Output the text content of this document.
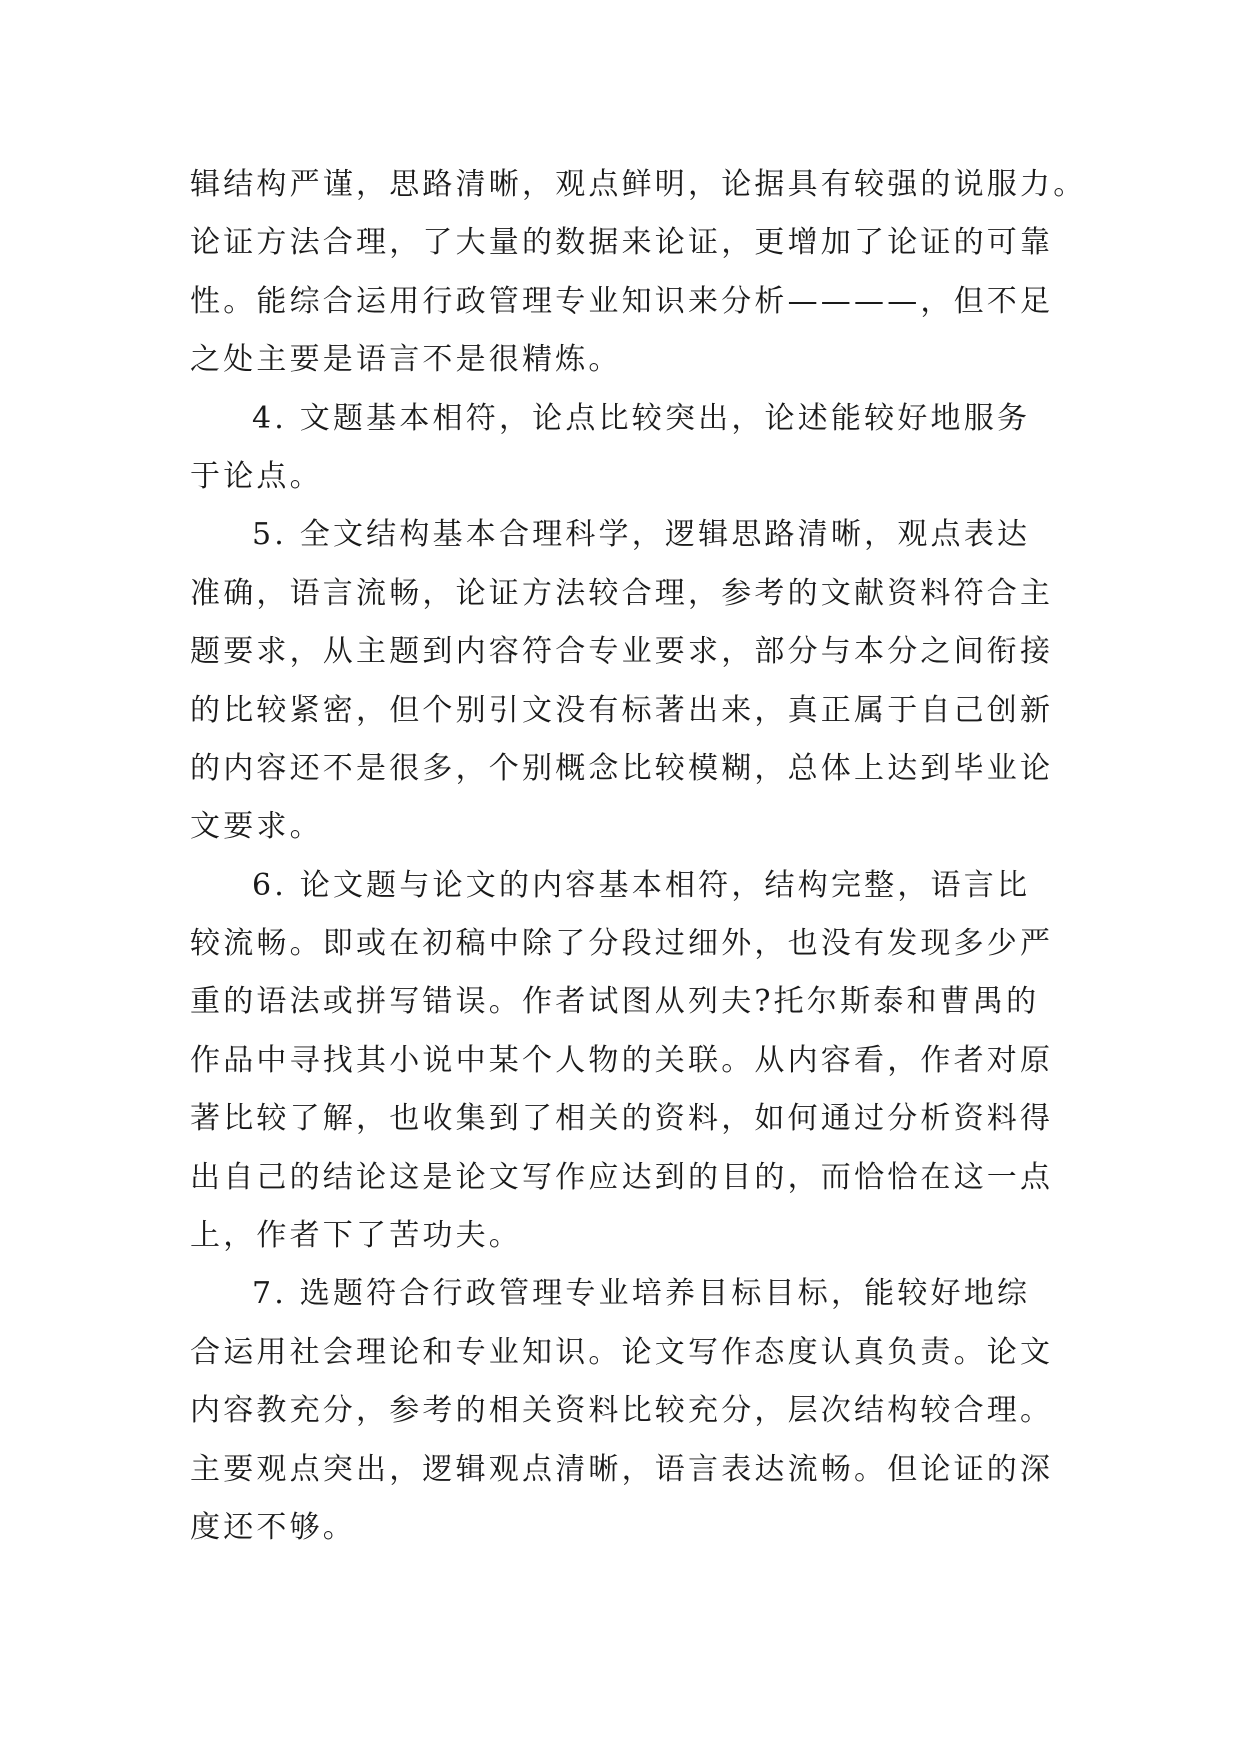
辑结构严谨，思路清晰，观点鲜明，论据具有较强的说服力。
论证方法合理，了大量的数据来论证，更增加了论证的可靠
性。能综合运用行政管理专业知识来分析————，但不足
之处主要是语言不是很精炼。
4. 文题基本相符，论点比较突出，论述能较好地服务
于论点。
5. 全文结构基本合理科学，逻辑思路清晰，观点表达
准确，语言流畅，论证方法较合理，参考的文献资料符合主
题要求，从主题到内容符合专业要求，部分与本分之间衔接
的比较紧密，但个别引文没有标著出来，真正属于自己创新
的内容还不是很多，个别概念比较模糊，总体上达到毕业论
文要求。
6. 论文题与论文的内容基本相符，结构完整，语言比
较流畅。即或在初稿中除了分段过细外，也没有发现多少严
重的语法或拼写错误。作者试图从列夫?托尔斯泰和曹禺的
作品中寻找其小说中某个人物的关联。从内容看，作者对原
著比较了解，也收集到了相关的资料，如何通过分析资料得
出自己的结论这是论文写作应达到的目的，而恰恰在这一点
上，作者下了苦功夫。
7. 选题符合行政管理专业培养目标目标，能较好地综
合运用社会理论和专业知识。论文写作态度认真负责。论文
内容教充分，参考的相关资料比较充分，层次结构较合理。
主要观点突出，逻辑观点清晰，语言表达流畅。但论证的深
度还不够。
